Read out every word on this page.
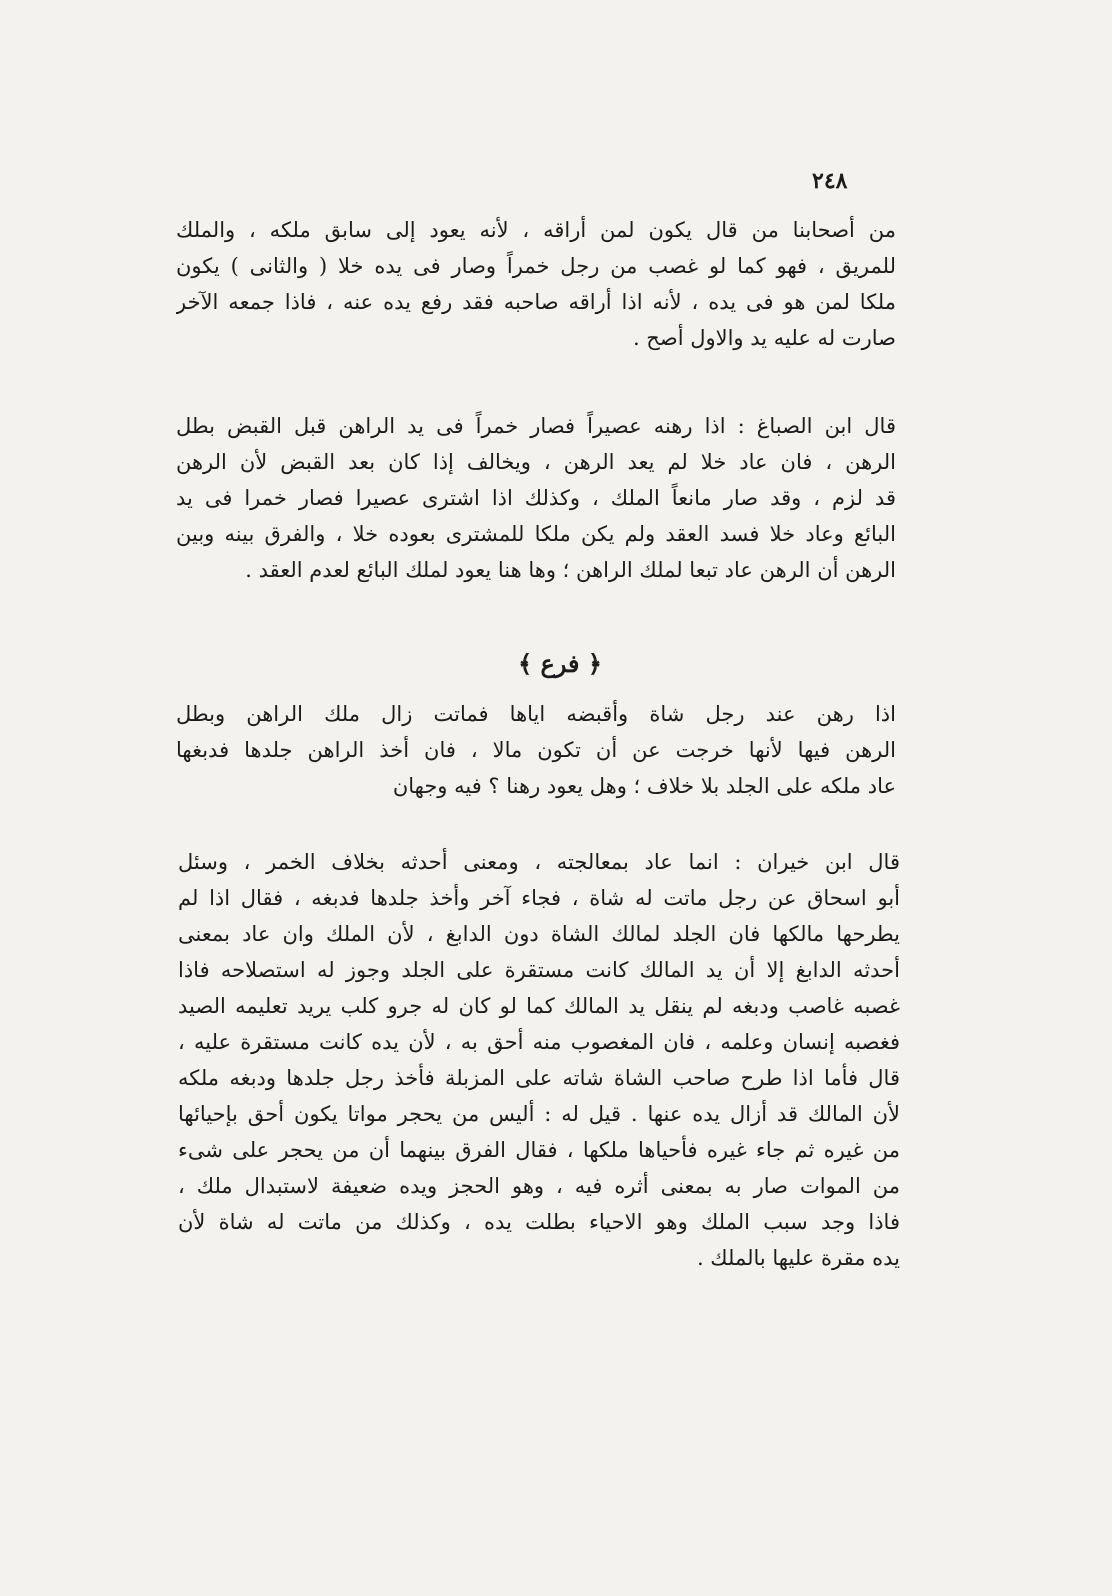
٢٤٨
من أصحابنا من قال يكون لمن أراقه ، لأنه يعود إلى سابق ملكه ، والملك
للمريق ، فهو كما لو غصب من رجل خمراً وصار فى يده خلا ( والثانى ) يكون
ملكا لمن هو فى يده ، لأنه اذا أراقه صاحبه فقد رفع يده عنه ، فاذا جمعه الآخر
صارت له عليه يد والاول أصح .
قال ابن الصباغ : اذا رهنه عصيراً فصار خمراً فى يد الراهن قبل القبض بطل
الرهن ، فان عاد خلا لم يعد الرهن ، ويخالف إذا كان بعد القبض لأن الرهن
قد لزم ، وقد صار مانعاً الملك ، وكذلك اذا اشترى عصيرا فصار خمرا فى يد
البائع وعاد خلا فسد العقد ولم يكن ملكا للمشترى بعوده خلا ، والفرق بينه وبين
الرهن أن الرهن عاد تبعا لملك الراهن ؛ وها هنا يعود لملك البائع لعدم العقد .
﴿ فرع ﴾
اذا رهن عند رجل شاة وأقبضه اياها فماتت زال ملك الراهن وبطل
الرهن فيها لأنها خرجت عن أن تكون مالا ، فان أخذ الراهن جلدها فدبغها
عاد ملكه على الجلد بلا خلاف ؛ وهل يعود رهنا ؟ فيه وجهان
قال ابن خيران : انما عاد بمعالجته ، ومعنى أحدثه بخلاف الخمر ، وسئل
أبو اسحاق عن رجل ماتت له شاة ، فجاء آخر وأخذ جلدها فدبغه ، فقال اذا لم
يطرحها مالكها فان الجلد لمالك الشاة دون الدابغ ، لأن الملك وان عاد بمعنى
أحدثه الدابغ إلا أن يد المالك كانت مستقرة على الجلد وجوز له استصلاحه فاذا
غصبه غاصب ودبغه لم ينقل يد المالك كما لو كان له جرو كلب يريد تعليمه الصيد
فغصبه إنسان وعلمه ، فان المغصوب منه أحق به ، لأن يده كانت مستقرة عليه ،
قال فأما اذا طرح صاحب الشاة شاته على المزبلة فأخذ رجل جلدها ودبغه ملكه
لأن المالك قد أزال يده عنها . قيل له : أليس من يحجر مواتا يكون أحق بإحيائها
من غيره ثم جاء غيره فأحياها ملكها ، فقال الفرق بينهما أن من يحجر على شىء
من الموات صار به بمعنى أثره فيه ، وهو الحجز ويده ضعيفة لاستبدال ملك ،
فاذا وجد سبب الملك وهو الاحياء بطلت يده ، وكذلك من ماتت له شاة لأن
يده مقرة عليها بالملك .
